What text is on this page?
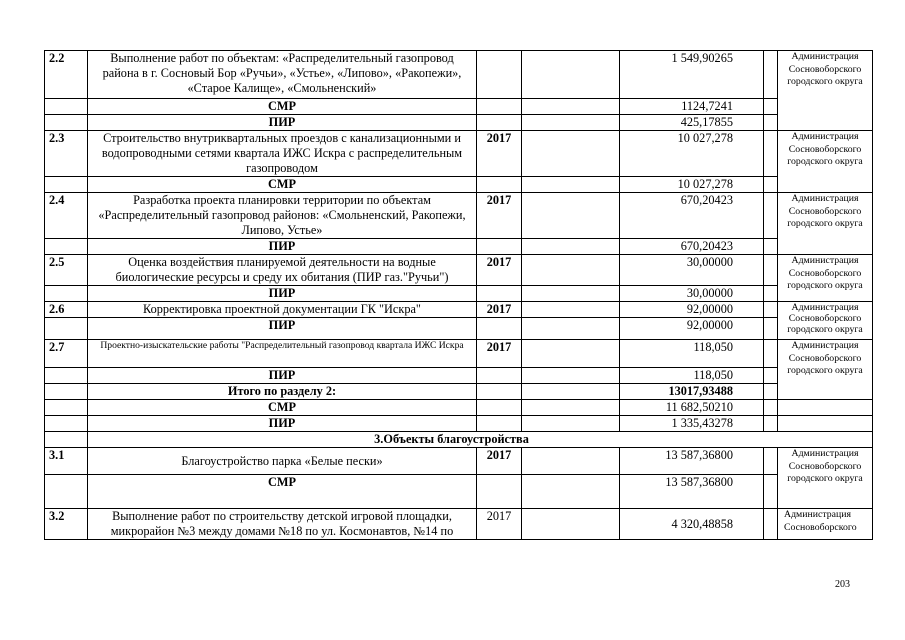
2.2	Выполнение работ по объектам: «Распределительный газопровод района в г. Сосновый Бор «Ручьи», «Устье», «Липово», «Ракопежи», «Старое Калище», «Смольненский»			1 549,90265		Администрация Сосновоборского городского округа
	СМР			1124,7241		
	ПИР			425,17855		
2.3	Строительство внутриквартальных проездов с канализационными и водопроводными сетями квартала ИЖС Искра с распределительным газопроводом	2017		10 027,278		Администрация Сосновоборского городского округа
	СМР			10 027,278		
2.4	Разработка проекта планировки территории по объектам «Распределительный газопровод районов: «Смольненский, Ракопежи, Липово, Устье»	2017		670,20423		Администрация Сосновоборского городского округа
	ПИР			670,20423		
2.5	Оценка воздействия планируемой деятельности на водные биологические ресурсы и среду их обитания (ПИР газ."Ручьи")	2017		30,00000		Администрация Сосновоборского городского округа
	ПИР			30,00000		
2.6	Корректировка проектной документации ГК "Искра"	2017		92,00000		Администрация Сосновоборского городского округа
	ПИР			92,00000		
2.7	Проектно-изыскательские работы "Распределительный газопровод квартала ИЖС Искра	2017		118,050		Администрация Сосновоборского городского округа
	ПИР			118,050		
	Итого по разделу 2:			13017,93488		
	СМР			11 682,50210		
	ПИР			1 335,43278		
	3.Объекты благоустройства					
3.1	Благоустройство парка «Белые пески»	2017		13 587,36800		Администрация Сосновоборского городского округа
	СМР			13 587,36800		
3.2	Выполнение работ по строительству детской игровой площадки, микрорайон №3 между домами №18 по ул. Космонавтов, №14 по	2017		4 320,48858		Администрация Сосновоборского
203
